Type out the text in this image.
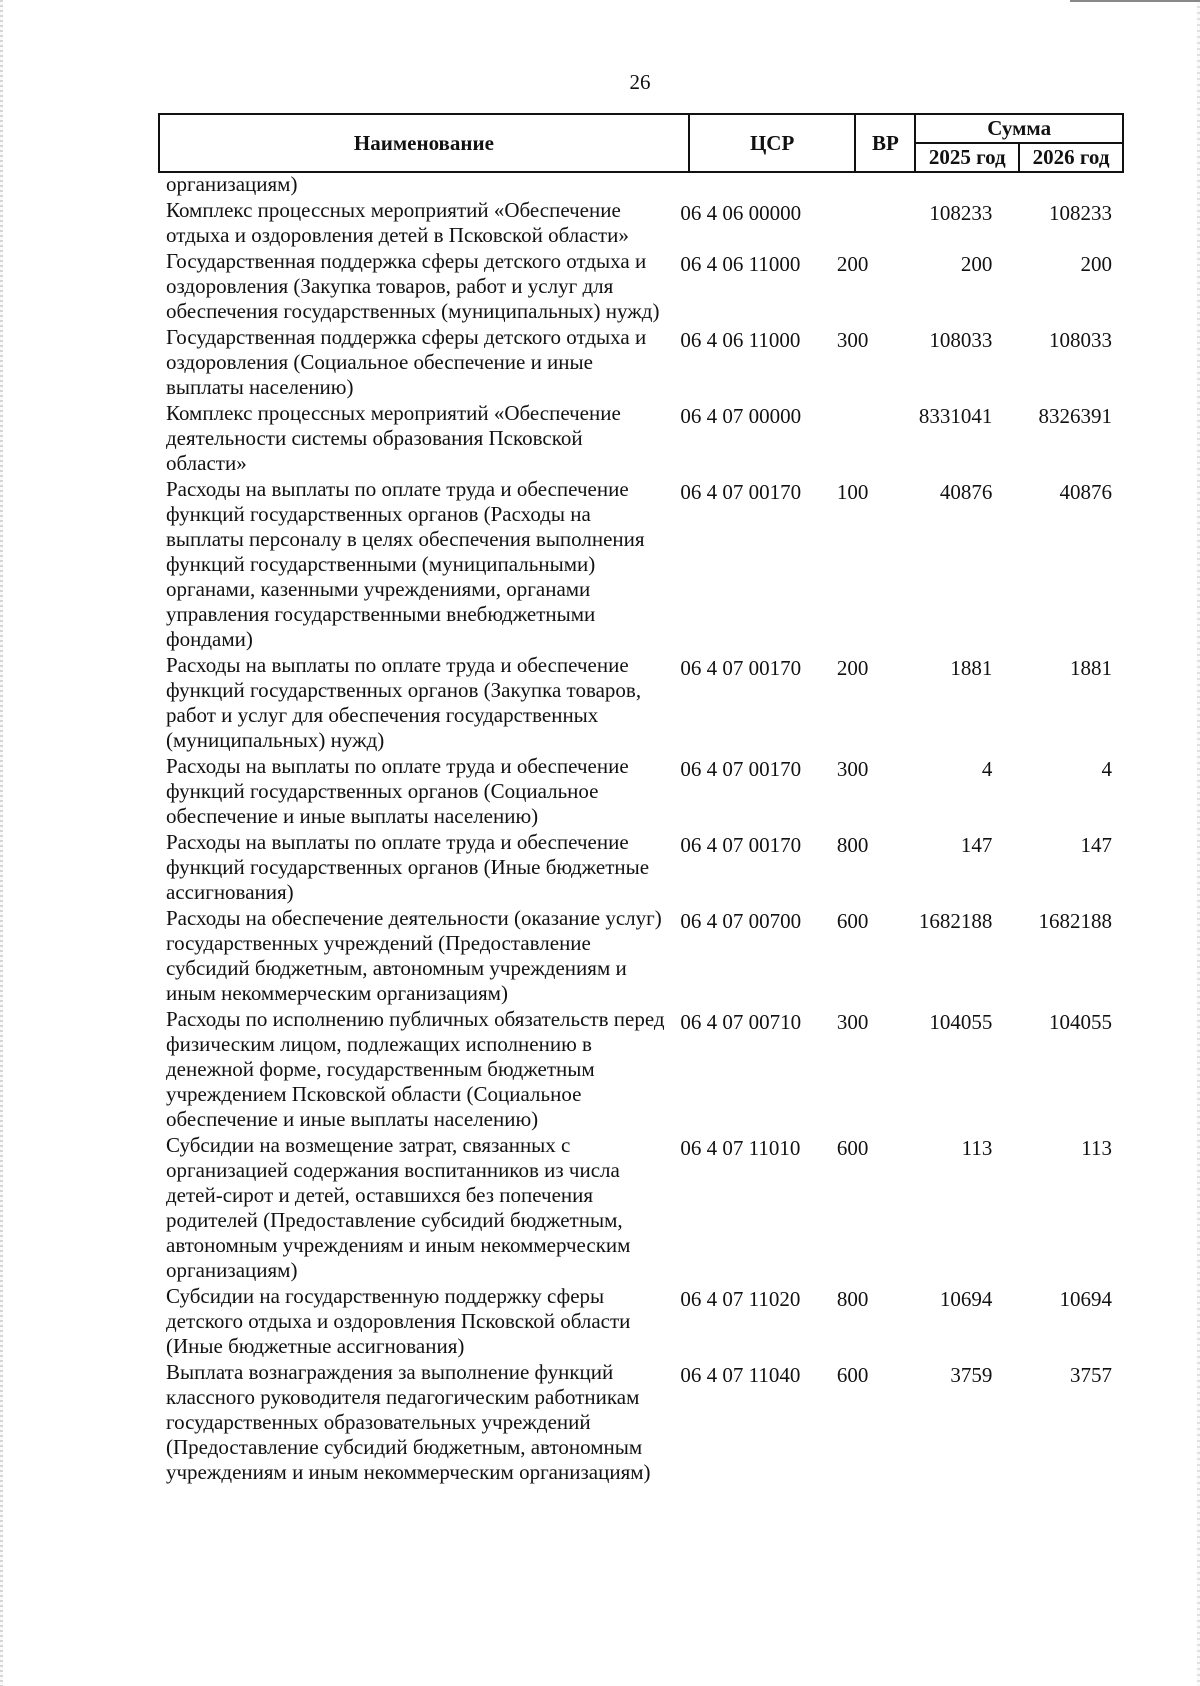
26
Наименование	ЦСР	ВР	Сумма	
			2025 год	2026 год
организациям)				
Комплекс процессных мероприятий «Обеспечение отдыха и оздоровления детей в Псковской области»	06 4 06 00000		108233	108233
Государственная поддержка сферы детского отдыха и оздоровления (Закупка товаров, работ и услуг для обеспечения государственных (муниципальных) нужд)	06 4 06 11000	200	200	200
Государственная поддержка сферы детского отдыха и оздоровления (Социальное обеспечение и иные выплаты населению)	06 4 06 11000	300	108033	108033
Комплекс процессных мероприятий «Обеспечение деятельности системы образования Псковской области»	06 4 07 00000		8331041	8326391
Расходы на выплаты по оплате труда и обеспечение функций государственных органов (Расходы на выплаты персоналу в целях обеспечения выполнения функций государственными (муниципальными) органами, казенными учреждениями, органами управления государственными внебюджетными фондами)	06 4 07 00170	100	40876	40876
Расходы на выплаты по оплате труда и обеспечение функций государственных органов (Закупка товаров, работ и услуг для обеспечения государственных (муниципальных) нужд)	06 4 07 00170	200	1881	1881
Расходы на выплаты по оплате труда и обеспечение функций государственных органов (Социальное обеспечение и иные выплаты населению)	06 4 07 00170	300	4	4
Расходы на выплаты по оплате труда и обеспечение функций государственных органов (Иные бюджетные ассигнования)	06 4 07 00170	800	147	147
Расходы на обеспечение деятельности (оказание услуг) государственных учреждений (Предоставление субсидий бюджетным, автономным учреждениям и иным некоммерческим организациям)	06 4 07 00700	600	1682188	1682188
Расходы по исполнению публичных обязательств перед физическим лицом, подлежащих исполнению в денежной форме, государственным бюджетным учреждением Псковской области (Социальное обеспечение и иные выплаты населению)	06 4 07 00710	300	104055	104055
Субсидии на возмещение затрат, связанных с организацией содержания воспитанников из числа детей-сирот и детей, оставшихся без попечения родителей (Предоставление субсидий бюджетным, автономным учреждениям и иным некоммерческим организациям)	06 4 07 11010	600	113	113
Субсидии на государственную поддержку сферы детского отдыха и оздоровления Псковской области (Иные бюджетные ассигнования)	06 4 07 11020	800	10694	10694
Выплата вознаграждения за выполнение функций классного руководителя педагогическим работникам государственных образовательных учреждений (Предоставление субсидий бюджетным, автономным учреждениям и иным некоммерческим организациям)	06 4 07 11040	600	3759	3757
